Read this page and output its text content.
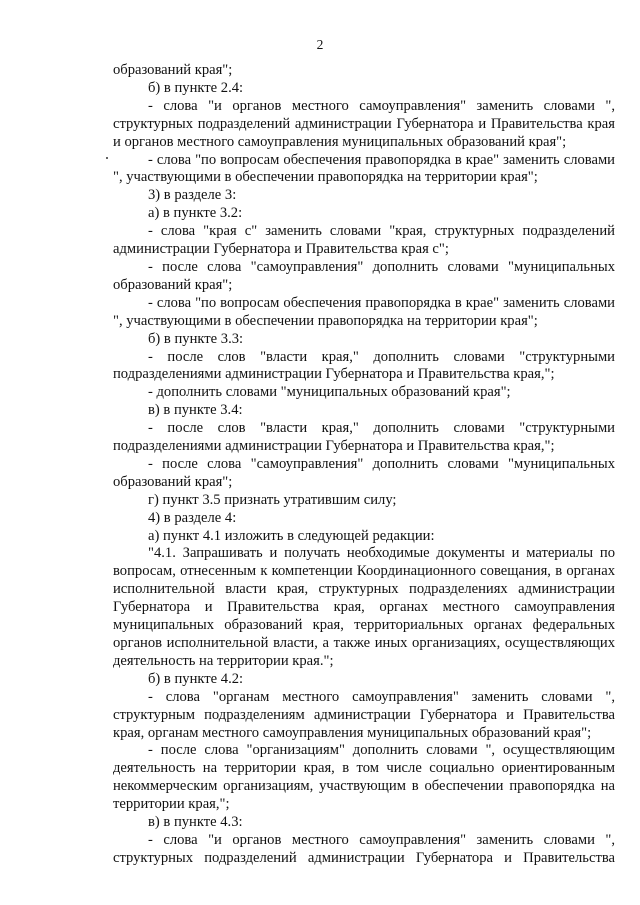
2

образований края";

б) в пункте 2.4:

- слова "и органов местного самоуправления" заменить словами ", структурных подразделений администрации Губернатора и Правительства края и органов местного самоуправления муниципальных образований края";

- слова "по вопросам обеспечения правопорядка в крае" заменить словами ", участвующими в обеспечении правопорядка на территории края";

3) в разделе 3:

а) в пункте 3.2:

- слова "края с" заменить словами "края, структурных подразделений администрации Губернатора и Правительства края с";

- после слова "самоуправления" дополнить словами "муниципальных образований края";

- слова "по вопросам обеспечения правопорядка в крае" заменить словами ", участвующими в обеспечении правопорядка на территории края";

б) в пункте 3.3:

- после слов "власти края," дополнить словами "структурными подразделениями администрации Губернатора и Правительства края,";

- дополнить словами "муниципальных образований края";

в) в пункте 3.4:

- после слов "власти края," дополнить словами "структурными подразделениями администрации Губернатора и Правительства края,";

- после слова "самоуправления" дополнить словами "муниципальных образований края";

г) пункт 3.5 признать утратившим силу;

4) в разделе 4:

а) пункт 4.1 изложить в следующей редакции:

"4.1. Запрашивать и получать необходимые документы и материалы по вопросам, отнесенным к компетенции Координационного совещания, в органах исполнительной власти края, структурных подразделениях администрации Губернатора и Правительства края, органах местного самоуправления муниципальных образований края, территориальных органах федеральных органов исполнительной власти, а также иных организациях, осуществляющих деятельность на территории края.";

б) в пункте 4.2:

- слова "органам местного самоуправления" заменить словами ", структурным подразделениям администрации Губернатора и Правительства края, органам местного самоуправления муниципальных образований края";

- после слова "организациям" дополнить словами ", осуществляющим деятельность на территории края, в том числе социально ориентированным некоммерческим организациям, участвующим в обеспечении правопорядка на территории края,";

в) в пункте 4.3:

- слова "и органов местного самоуправления" заменить словами ", структурных подразделений администрации Губернатора и Правительства
